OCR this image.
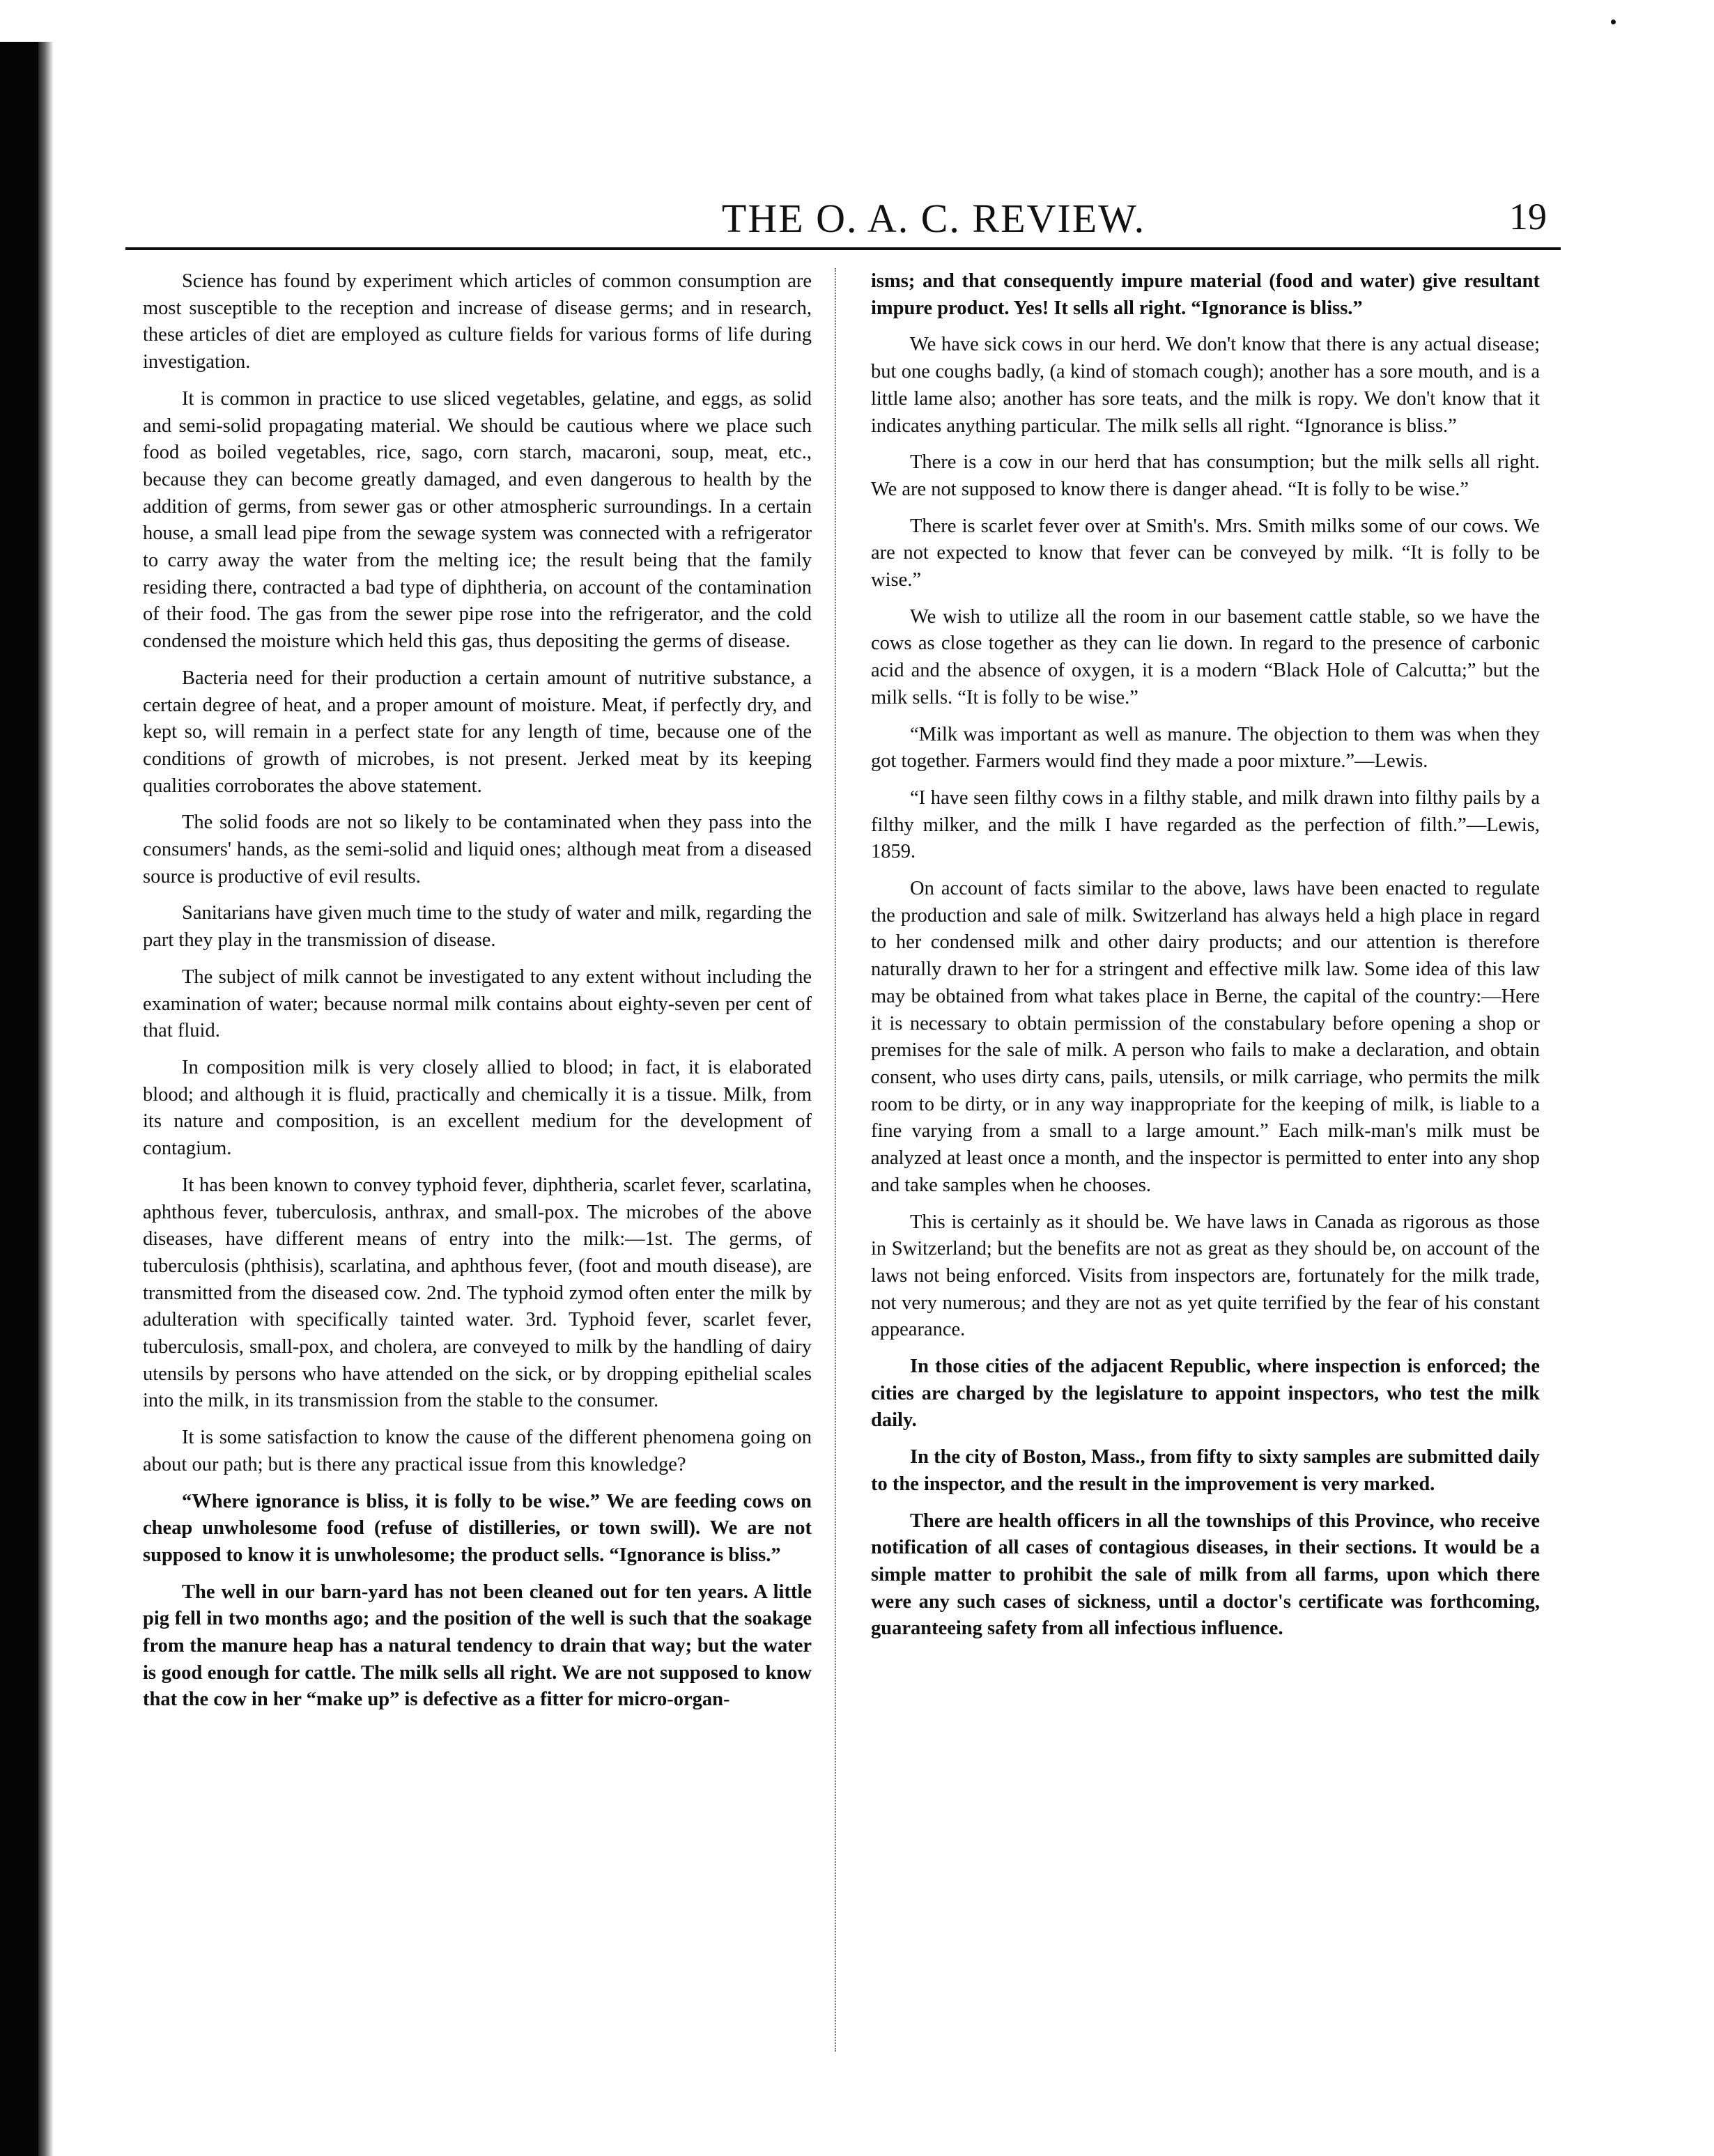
THE O. A. C. REVIEW.	19

Science has found by experiment which articles of common consumption are most susceptible to the reception and increase of disease germs; and in research, these articles of diet are employed as culture fields for various forms of life during investigation.

It is common in practice to use sliced vegetables, gelatine, and eggs, as solid and semi-solid propagating material. We should be cautious where we place such food as boiled vegetables, rice, sago, corn starch, macaroni, soup, meat, etc., because they can become greatly damaged, and even dangerous to health by the addition of germs, from sewer gas or other atmospheric surroundings. In a certain house, a small lead pipe from the sewage system was connected with a refrigerator to carry away the water from the melting ice; the result being that the family residing there, contracted a bad type of diphtheria, on account of the contamination of their food. The gas from the sewer pipe rose into the refrigerator, and the cold condensed the moisture which held this gas, thus depositing the germs of disease.

Bacteria need for their production a certain amount of nutritive substance, a certain degree of heat, and a proper amount of moisture. Meat, if perfectly dry, and kept so, will remain in a perfect state for any length of time, because one of the conditions of growth of microbes, is not present. Jerked meat by its keeping qualities corroborates the above statement.

The solid foods are not so likely to be contaminated when they pass into the consumers' hands, as the semi-solid and liquid ones; although meat from a diseased source is productive of evil results.

Sanitarians have given much time to the study of water and milk, regarding the part they play in the transmission of disease.

The subject of milk cannot be investigated to any extent without including the examination of water; because normal milk contains about eighty-seven per cent of that fluid.

In composition milk is very closely allied to blood; in fact, it is elaborated blood; and although it is fluid, practically and chemically it is a tissue. Milk, from its nature and composition, is an excellent medium for the development of contagium.

It has been known to convey typhoid fever, diphtheria, scarlet fever, scarlatina, aphthous fever, tuberculosis, anthrax, and small-pox. The microbes of the above diseases, have different means of entry into the milk:—1st. The germs, of tuberculosis (phthisis), scarlatina, and aphthous fever, (foot and mouth disease), are transmitted from the diseased cow. 2nd. The typhoid zymod often enter the milk by adulteration with specifically tainted water. 3rd. Typhoid fever, scarlet fever, tuberculosis, small-pox, and cholera, are conveyed to milk by the handling of dairy utensils by persons who have attended on the sick, or by dropping epithelial scales into the milk, in its transmission from the stable to the consumer.

It is some satisfaction to know the cause of the different phenomena going on about our path; but is there any practical issue from this knowledge?

“Where ignorance is bliss, it is folly to be wise.” We are feeding cows on cheap unwholesome food (refuse of distilleries, or town swill). We are not supposed to know it is unwholesome; the product sells. “Ignorance is bliss.”

The well in our barn-yard has not been cleaned out for ten years. A little pig fell in two months ago; and the position of the well is such that the soakage from the manure heap has a natural tendency to drain that way; but the water is good enough for cattle. The milk sells all right. We are not supposed to know that the cow in her “make up” is defective as a fitter for micro-organ-

isms; and that consequently impure material (food and water) give resultant impure product. Yes! It sells all right. “Ignorance is bliss.”

We have sick cows in our herd. We don't know that there is any actual disease; but one coughs badly, (a kind of stomach cough); another has a sore mouth, and is a little lame also; another has sore teats, and the milk is ropy. We don't know that it indicates anything particular. The milk sells all right. “Ignorance is bliss.”

There is a cow in our herd that has consumption; but the milk sells all right. We are not supposed to know there is danger ahead. “It is folly to be wise.”

There is scarlet fever over at Smith's. Mrs. Smith milks some of our cows. We are not expected to know that fever can be conveyed by milk. “It is folly to be wise.”

We wish to utilize all the room in our basement cattle stable, so we have the cows as close together as they can lie down. In regard to the presence of carbonic acid and the absence of oxygen, it is a modern “Black Hole of Calcutta;” but the milk sells. “It is folly to be wise.”

“Milk was important as well as manure. The objection to them was when they got together. Farmers would find they made a poor mixture.”—Lewis.

“I have seen filthy cows in a filthy stable, and milk drawn into filthy pails by a filthy milker, and the milk I have regarded as the perfection of filth.”—Lewis, 1859.

On account of facts similar to the above, laws have been enacted to regulate the production and sale of milk. Switzerland has always held a high place in regard to her condensed milk and other dairy products; and our attention is therefore naturally drawn to her for a stringent and effective milk law. Some idea of this law may be obtained from what takes place in Berne, the capital of the country:—Here it is necessary to obtain permission of the constabulary before opening a shop or premises for the sale of milk. A person who fails to make a declaration, and obtain consent, who uses dirty cans, pails, utensils, or milk carriage, who permits the milk room to be dirty, or in any way inappropriate for the keeping of milk, is liable to a fine varying from a small to a large amount.” Each milk-man's milk must be analyzed at least once a month, and the inspector is permitted to enter into any shop and take samples when he chooses.

This is certainly as it should be. We have laws in Canada as rigorous as those in Switzerland; but the benefits are not as great as they should be, on account of the laws not being enforced. Visits from inspectors are, fortunately for the milk trade, not very numerous; and they are not as yet quite terrified by the fear of his constant appearance.

In those cities of the adjacent Republic, where inspection is enforced; the cities are charged by the legislature to appoint inspectors, who test the milk daily.

In the city of Boston, Mass., from fifty to sixty samples are submitted daily to the inspector, and the result in the improvement is very marked.

There are health officers in all the townships of this Province, who receive notification of all cases of contagious diseases, in their sections. It would be a simple matter to prohibit the sale of milk from all farms, upon which there were any such cases of sickness, until a doctor's certificate was forthcoming, guaranteeing safety from all infectious influence.
